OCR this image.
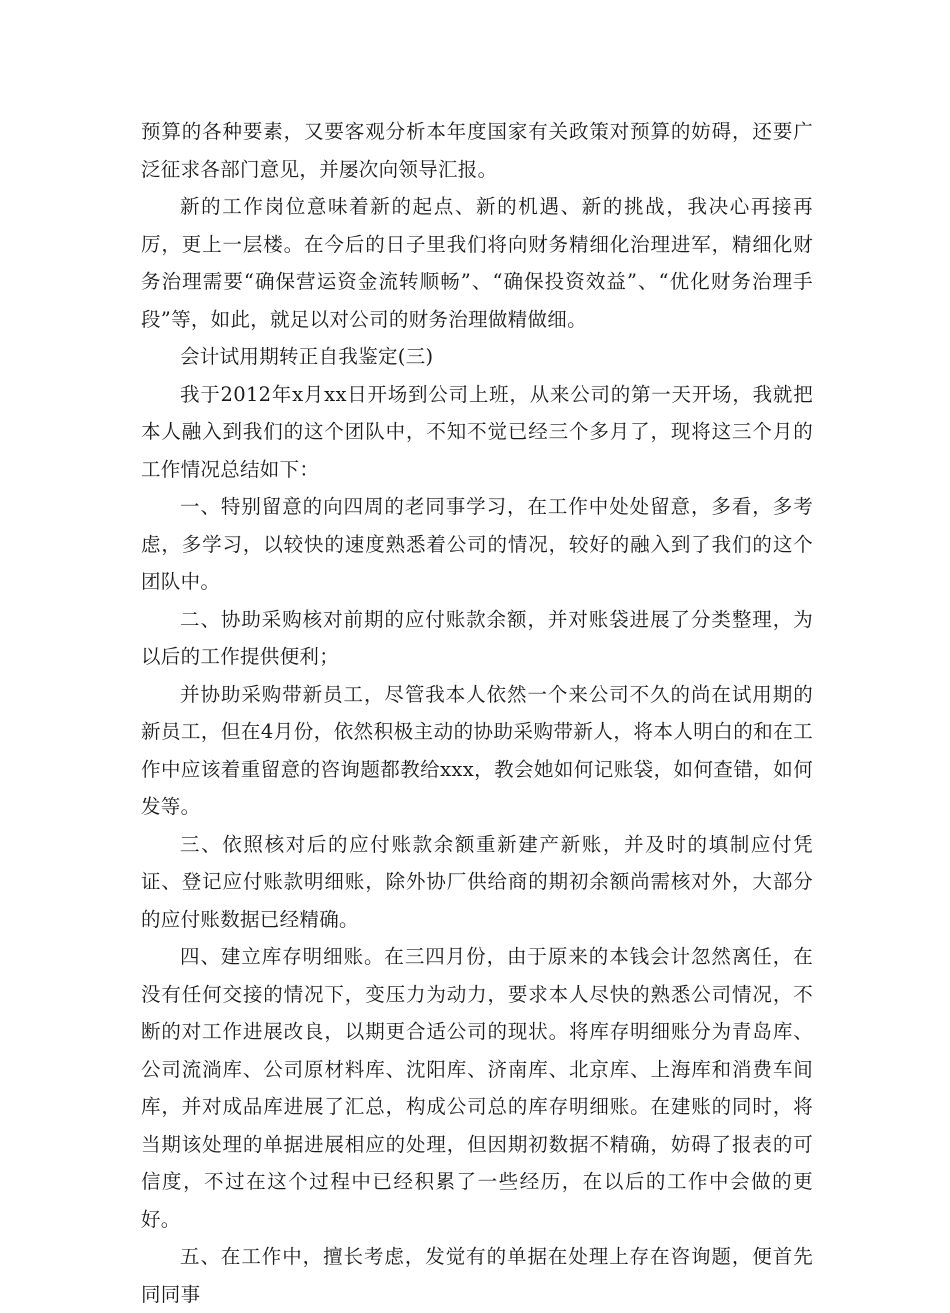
预算的各种要素，又要客观分析本年度国家有关政策对预算的妨碍，还要广泛征求各部门意见，并屡次向领导汇报。

新的工作岗位意味着新的起点、新的机遇、新的挑战，我决心再接再厉，更上一层楼。在今后的日子里我们将向财务精细化治理进军，精细化财务治理需要“确保营运资金流转顺畅”、“确保投资效益”、“优化财务治理手段”等，如此，就足以对公司的财务治理做精做细。

会计试用期转正自我鉴定(三)

我于2012年x月xx日开场到公司上班，从来公司的第一天开场，我就把本人融入到我们的这个团队中，不知不觉已经三个多月了，现将这三个月的工作情况总结如下：

一、特别留意的向四周的老同事学习，在工作中处处留意，多看，多考虑，多学习，以较快的速度熟悉着公司的情况，较好的融入到了我们的这个团队中。

二、协助采购核对前期的应付账款余额，并对账袋进展了分类整理，为以后的工作提供便利；

并协助采购带新员工，尽管我本人依然一个来公司不久的尚在试用期的新员工，但在4月份，依然积极主动的协助采购带新人，将本人明白的和在工作中应该着重留意的咨询题都教给xxx，教会她如何记账袋，如何查错，如何发等。

三、依照核对后的应付账款余额重新建产新账，并及时的填制应付凭证、登记应付账款明细账，除外协厂供给商的期初余额尚需核对外，大部分的应付账数据已经精确。

四、建立库存明细账。在三四月份，由于原来的本钱会计忽然离任，在没有任何交接的情况下，变压力为动力，要求本人尽快的熟悉公司情况，不断的对工作进展改良，以期更合适公司的现状。将库存明细账分为青岛库、公司流淌库、公司原材料库、沈阳库、济南库、北京库、上海库和消费车间库，并对成品库进展了汇总，构成公司总的库存明细账。在建账的同时，将当期该处理的单据进展相应的处理，但因期初数据不精确，妨碍了报表的可信度，不过在这个过程中已经积累了一些经历，在以后的工作中会做的更好。

五、在工作中，擅长考虑，发觉有的单据在处理上存在咨询题，便首先同同事
